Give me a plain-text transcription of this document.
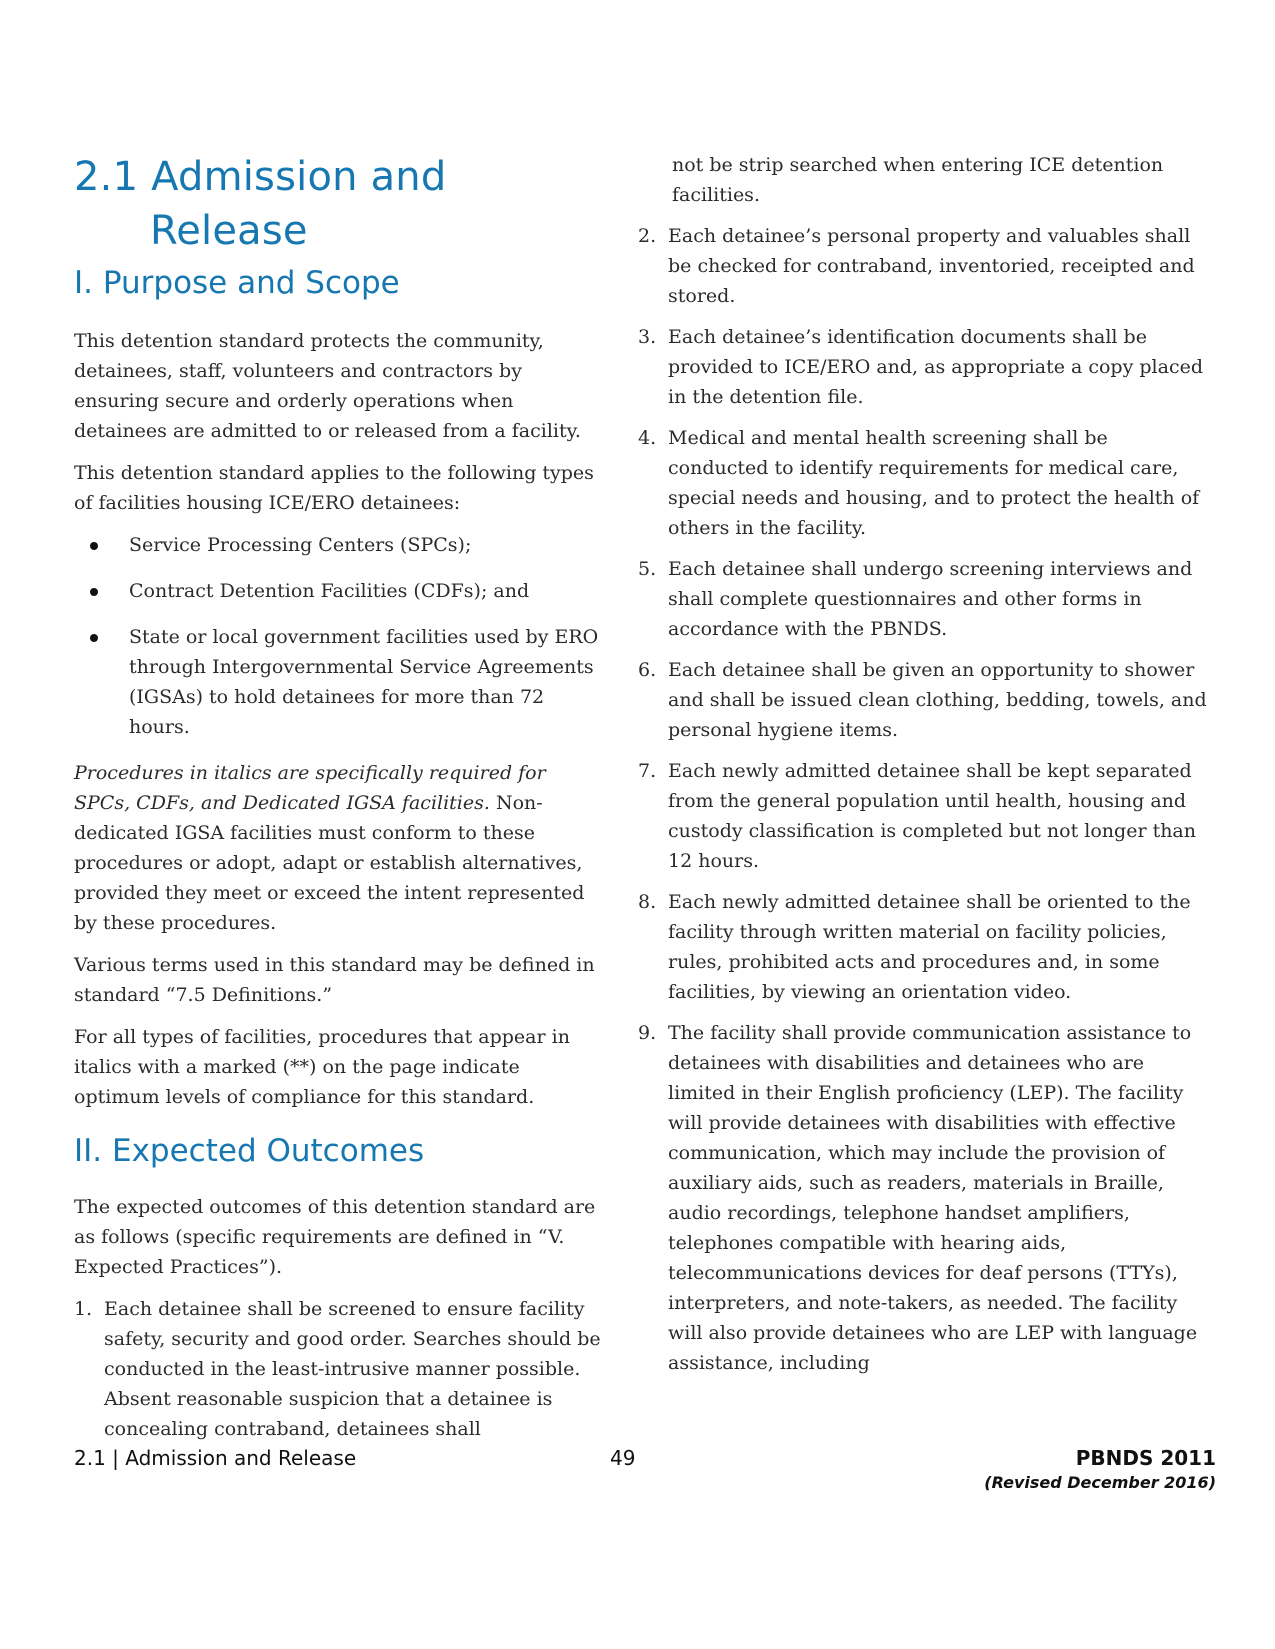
2.1 Admission and Release
I. Purpose and Scope

This detention standard protects the community, detainees, staff, volunteers and contractors by ensuring secure and orderly operations when detainees are admitted to or released from a facility.

This detention standard applies to the following types of facilities housing ICE/ERO detainees:

Service Processing Centers (SPCs);
Contract Detention Facilities (CDFs); and
State or local government facilities used by ERO through Intergovernmental Service Agreements (IGSAs) to hold detainees for more than 72 hours.

Procedures in italics are specifically required for SPCs, CDFs, and Dedicated IGSA facilities. Non-dedicated IGSA facilities must conform to these procedures or adopt, adapt or establish alternatives, provided they meet or exceed the intent represented by these procedures.

Various terms used in this standard may be defined in standard “7.5 Definitions.”

For all types of facilities, procedures that appear in italics with a marked (**) on the page indicate optimum levels of compliance for this standard.

II. Expected Outcomes

The expected outcomes of this detention standard are as follows (specific requirements are defined in “V. Expected Practices”).

1. Each detainee shall be screened to ensure facility safety, security and good order. Searches should be conducted in the least-intrusive manner possible. Absent reasonable suspicion that a detainee is concealing contraband, detainees shall
not be strip searched when entering ICE detention facilities.
2. Each detainee’s personal property and valuables shall be checked for contraband, inventoried, receipted and stored.
3. Each detainee’s identification documents shall be provided to ICE/ERO and, as appropriate a copy placed in the detention file.
4. Medical and mental health screening shall be conducted to identify requirements for medical care, special needs and housing, and to protect the health of others in the facility.
5. Each detainee shall undergo screening interviews and shall complete questionnaires and other forms in accordance with the PBNDS.
6. Each detainee shall be given an opportunity to shower and shall be issued clean clothing, bedding, towels, and personal hygiene items.
7. Each newly admitted detainee shall be kept separated from the general population until health, housing and custody classification is completed but not longer than 12 hours.
8. Each newly admitted detainee shall be oriented to the facility through written material on facility policies, rules, prohibited acts and procedures and, in some facilities, by viewing an orientation video.
9. The facility shall provide communication assistance to detainees with disabilities and detainees who are limited in their English proficiency (LEP). The facility will provide detainees with disabilities with effective communication, which may include the provision of auxiliary aids, such as readers, materials in Braille, audio recordings, telephone handset amplifiers, telephones compatible with hearing aids, telecommunications devices for deaf persons (TTYs), interpreters, and note-takers, as needed. The facility will also provide detainees who are LEP with language assistance, including
2.1 | Admission and Release	49	PBNDS 2011
(Revised December 2016)
